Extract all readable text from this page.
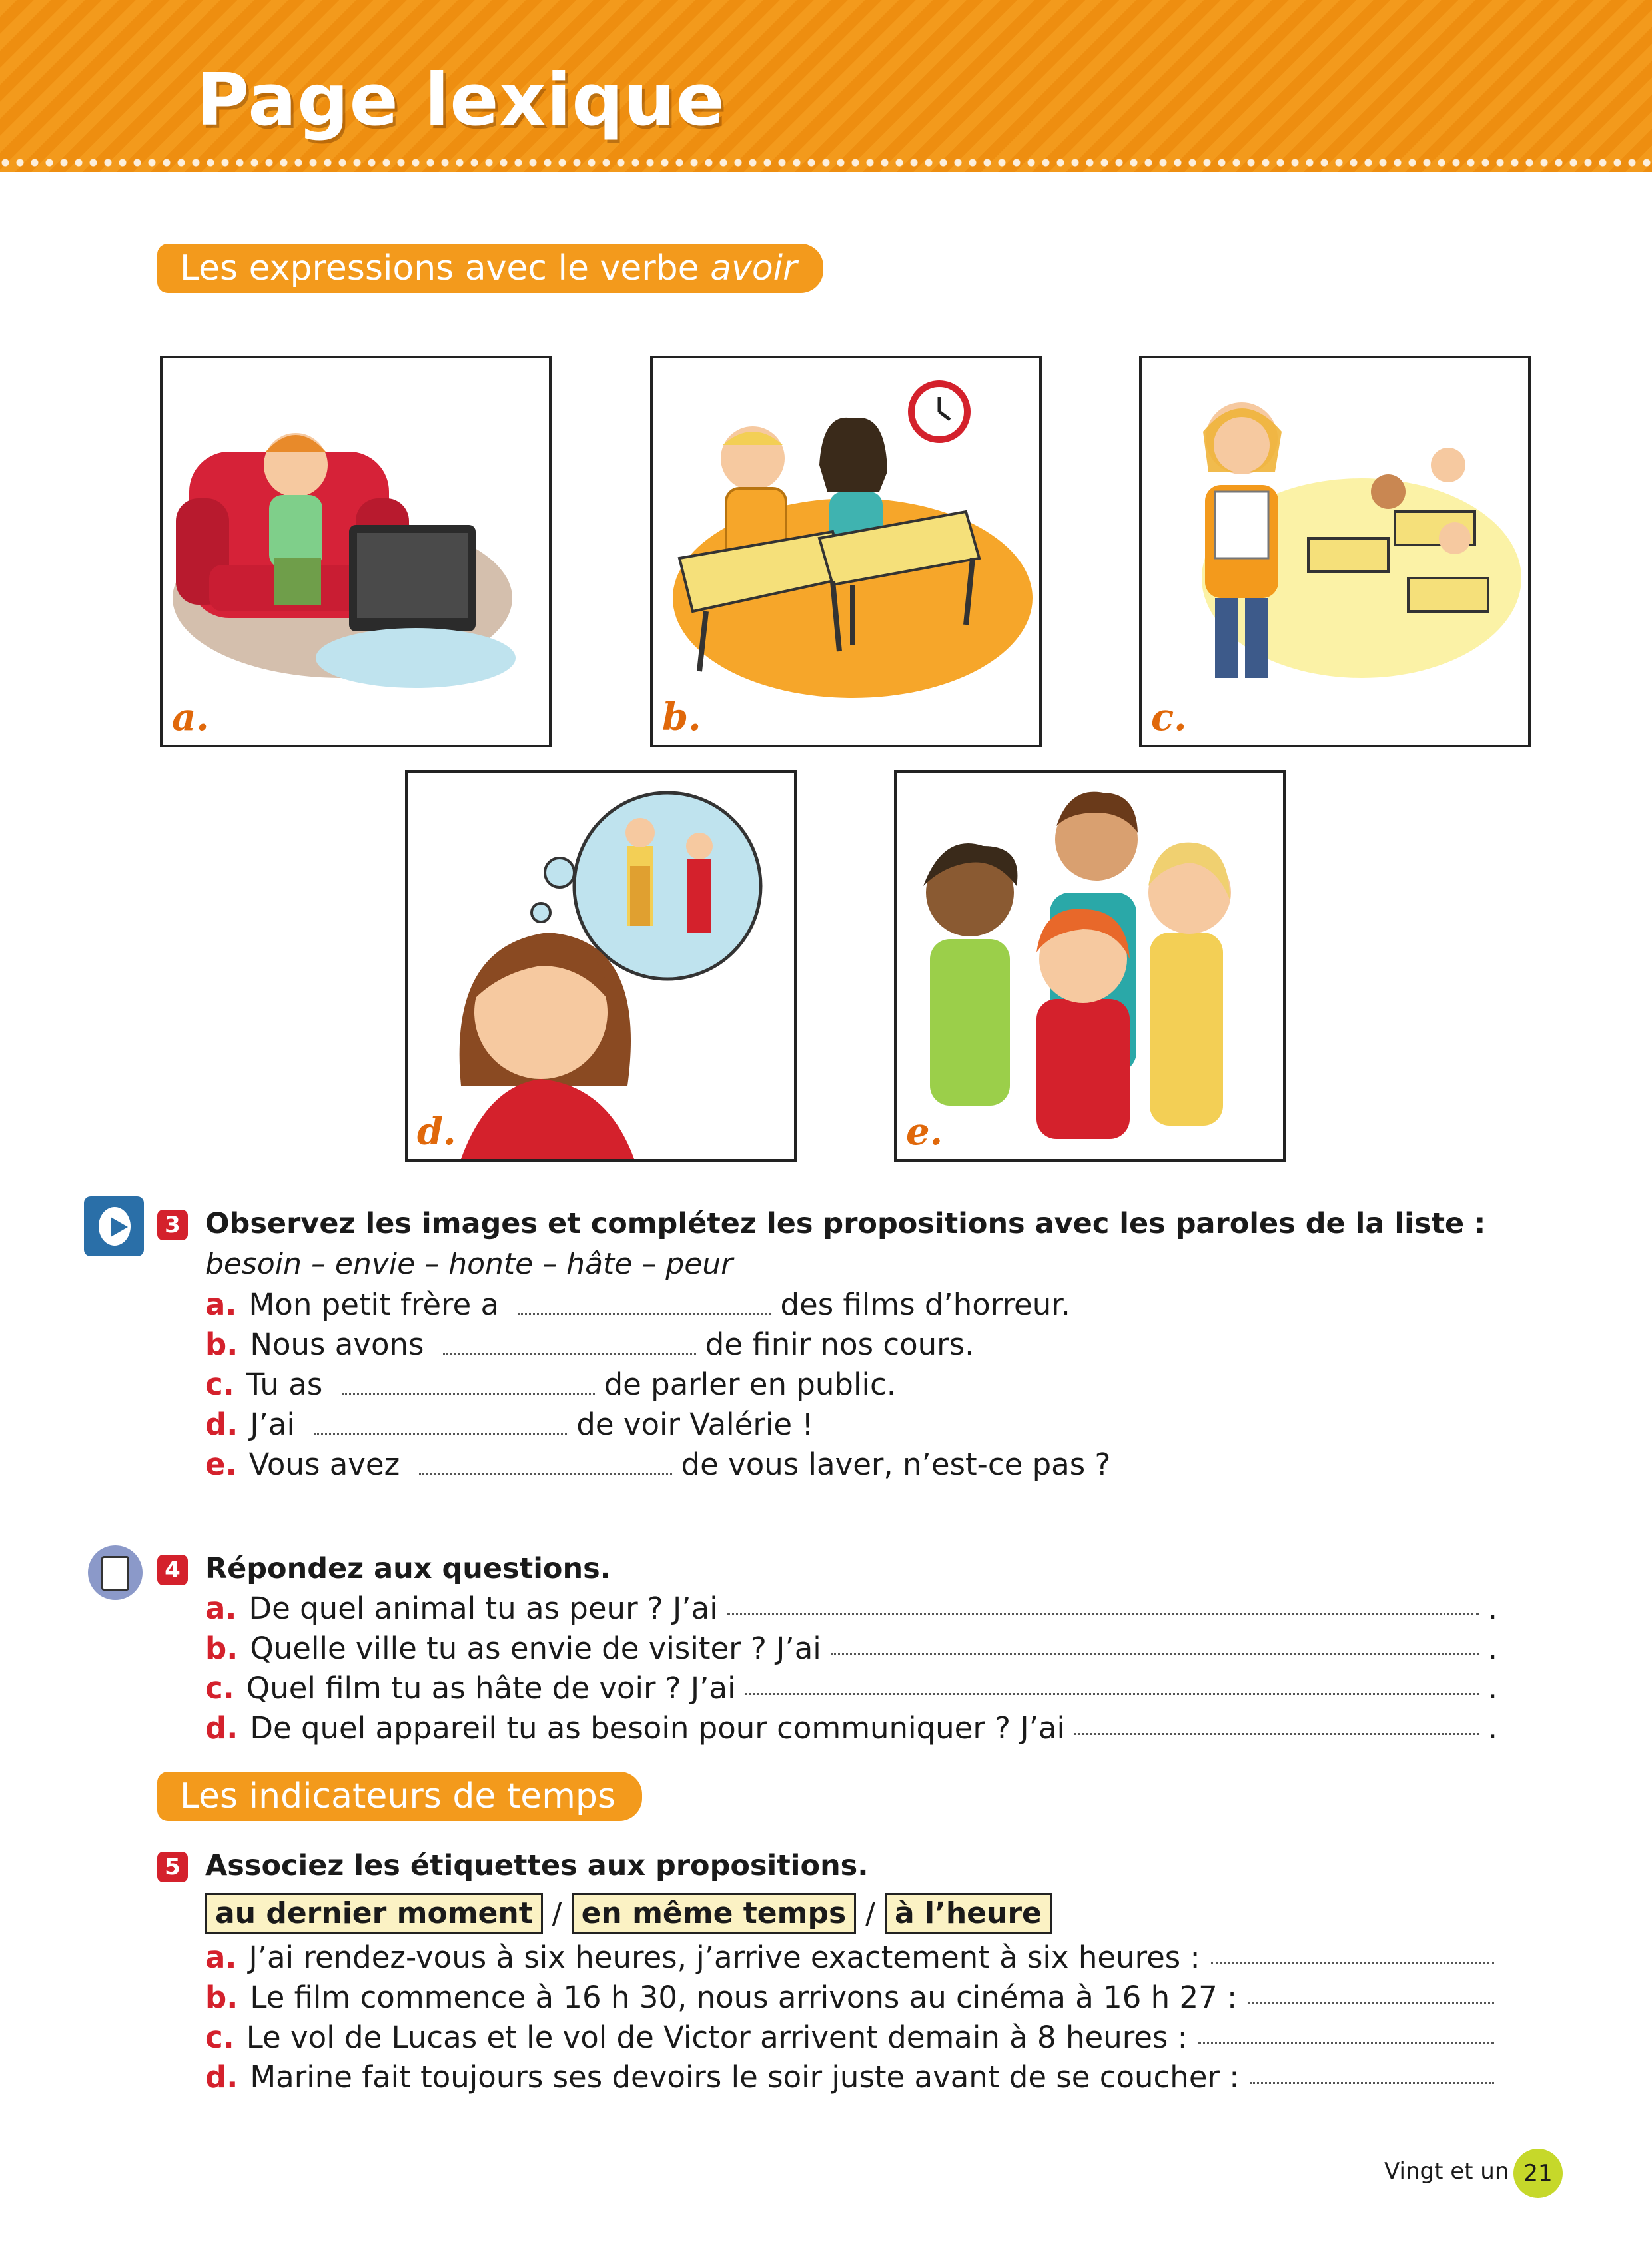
Page lexique
Les expressions avec le verbe avoir
a.	b.	c.
d.	e.
3 Observez les images et complétez les propositions avec les paroles de la liste :
besoin – envie – honte – hâte – peur
a. Mon petit frère a	des films d’horreur.
b. Nous avons	de finir nos cours.
c. Tu as	de parler en public.
d. J’ai	de voir Valérie !
e. Vous avez	de vous laver, n’est-ce pas ?
4 Répondez aux questions.
a. De quel animal tu as peur ? J’ai	.
b. Quelle ville tu as envie de visiter ? J’ai	.
c. Quel film tu as hâte de voir ? J’ai	.
d. De quel appareil tu as besoin pour communiquer ? J’ai	.
Les indicateurs de temps
5 Associez les étiquettes aux propositions.
au dernier moment / en même temps / à l’heure
a. J’ai rendez-vous à six heures, j’arrive exactement à six heures :
b. Le film commence à 16 h 30, nous arrivons au cinéma à 16 h 27 :
c. Le vol de Lucas et le vol de Victor arrivent demain à 8 heures :
d. Marine fait toujours ses devoirs le soir juste avant de se coucher :
Vingt et un 21
